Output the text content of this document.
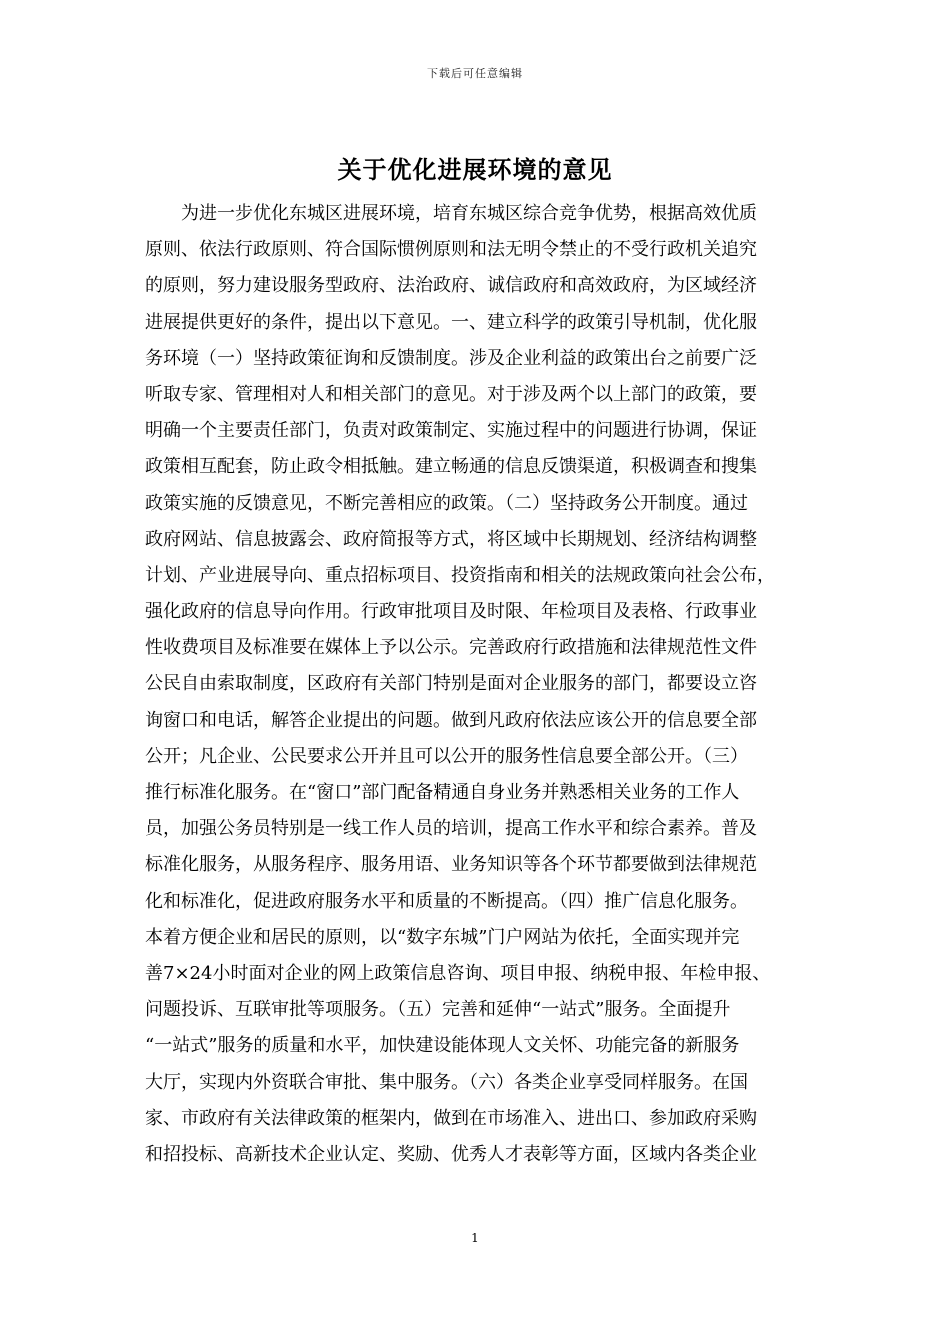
下载后可任意编辑
关于优化进展环境的意见
为进一步优化东城区进展环境，培育东城区综合竞争优势，根据高效优质
原则、依法行政原则、符合国际惯例原则和法无明令禁止的不受行政机关追究
的原则，努力建设服务型政府、法治政府、诚信政府和高效政府，为区域经济
进展提供更好的条件，提出以下意见。一、建立科学的政策引导机制，优化服
务环境（一）坚持政策征询和反馈制度。涉及企业利益的政策出台之前要广泛
听取专家、管理相对人和相关部门的意见。对于涉及两个以上部门的政策，要
明确一个主要责任部门，负责对政策制定、实施过程中的问题进行协调，保证
政策相互配套，防止政令相抵触。建立畅通的信息反馈渠道，积极调查和搜集
政策实施的反馈意见，不断完善相应的政策。（二）坚持政务公开制度。通过
政府网站、信息披露会、政府简报等方式，将区域中长期规划、经济结构调整
计划、产业进展导向、重点招标项目、投资指南和相关的法规政策向社会公布，
强化政府的信息导向作用。行政审批项目及时限、年检项目及表格、行政事业
性收费项目及标准要在媒体上予以公示。完善政府行政措施和法律规范性文件
公民自由索取制度，区政府有关部门特别是面对企业服务的部门，都要设立咨
询窗口和电话，解答企业提出的问题。做到凡政府依法应该公开的信息要全部
公开；凡企业、公民要求公开并且可以公开的服务性信息要全部公开。（三）
推行标准化服务。在“窗口”部门配备精通自身业务并熟悉相关业务的工作人
员，加强公务员特别是一线工作人员的培训，提高工作水平和综合素养。普及
标准化服务，从服务程序、服务用语、业务知识等各个环节都要做到法律规范
化和标准化，促进政府服务水平和质量的不断提高。（四）推广信息化服务。
本着方便企业和居民的原则，以“数字东城”门户网站为依托，全面实现并完
善7×24小时面对企业的网上政策信息咨询、项目申报、纳税申报、年检申报、
问题投诉、互联审批等项服务。（五）完善和延伸“一站式”服务。全面提升
“一站式”服务的质量和水平，加快建设能体现人文关怀、功能完备的新服务
大厅，实现内外资联合审批、集中服务。（六）各类企业享受同样服务。在国
家、市政府有关法律政策的框架内，做到在市场准入、进出口、参加政府采购
和招投标、高新技术企业认定、奖励、优秀人才表彰等方面，区域内各类企业
1
